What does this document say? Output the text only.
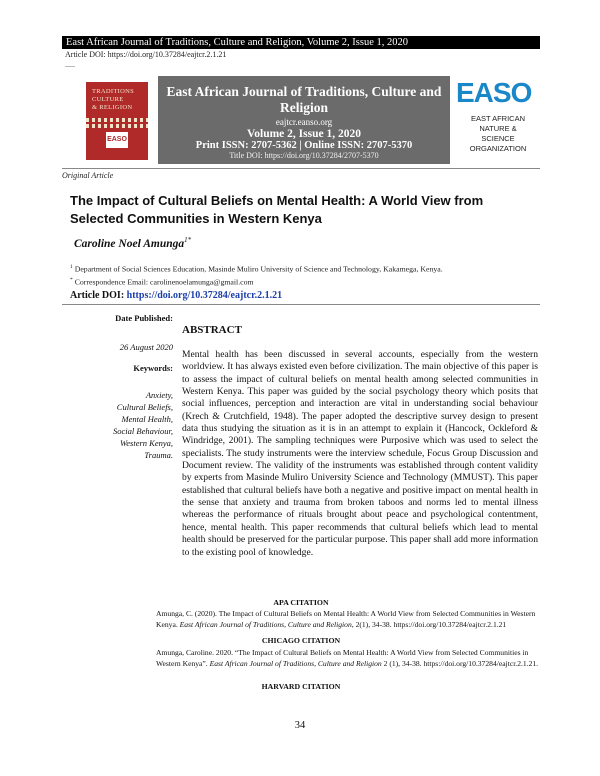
East African Journal of Traditions, Culture and Religion, Volume 2, Issue 1, 2020
Article DOI: https://doi.org/10.37284/eajtcr.2.1.21
TRADITIONS
CULTURE
& RELIGION
EASO
East African Journal of Traditions, Culture and Religion
eajtcr.eanso.org
Volume 2, Issue 1, 2020
Print ISSN: 2707-5362 | Online ISSN: 2707-5370
Title DOI: https://doi.org/10.37284/2707-5370
EASO
EAST AFRICAN
NATURE &
SCIENCE
ORGANIZATION
Original Article
The Impact of Cultural Beliefs on Mental Health: A World View from Selected Communities in Western Kenya
Caroline Noel Amunga$^{1*}$
$^1$ Department of Social Sciences Education, Masinde Muliro University of Science and Technology, Kakamega, Kenya.
* Correspondence Email: carolinenoelamunga@gmail.com
Article DOI: https://doi.org/10.37284/eajtcr.2.1.21
Date Published:
26 August 2020
Keywords:
Anxiety,
Cultural Beliefs,
Mental Health,
Social Behaviour,
Western Kenya,
Trauma.
ABSTRACT
Mental health has been discussed in several accounts, especially from the western worldview. It has always existed even before civilization. The main objective of this paper is to assess the impact of cultural beliefs on mental health among selected communities in Western Kenya. This paper was guided by the social psychology theory which posits that social influences, perception and interaction are vital in understanding social behaviour (Krech & Crutchfield, 1948). The paper adopted the descriptive survey design to present data thus studying the situation as it is in an attempt to explain it (Hancock, Ockleford & Windridge, 2001). The sampling techniques were Purposive which was used to select the specialists. The study instruments were the interview schedule, Focus Group Discussion and Document review. The validity of the instruments was established through content validity by experts from Masinde Muliro University Science and Technology (MMUST). This paper established that cultural beliefs have both a negative and positive impact on mental health in the sense that anxiety and trauma from broken taboos and norms led to mental illness whereas the performance of rituals brought about peace and psychological contentment, hence, mental health. This paper recommends that cultural beliefs which lead to mental health should be preserved for the particular purpose. This paper shall add more information to the existing pool of knowledge.
APA CITATION
Amunga, C. (2020). The Impact of Cultural Beliefs on Mental Health: A World View from Selected Communities in Western Kenya. East African Journal of Traditions, Culture and Religion, 2(1), 34-38. https://doi.org/10.37284/eajtcr.2.1.21
CHICAGO CITATION
Amunga, Caroline. 2020. “The Impact of Cultural Beliefs on Mental Health: A World View from Selected Communities in Western Kenya”. East African Journal of Traditions, Culture and Religion 2 (1), 34-38. https://doi.org/10.37284/eajtcr.2.1.21.
HARVARD CITATION
34
